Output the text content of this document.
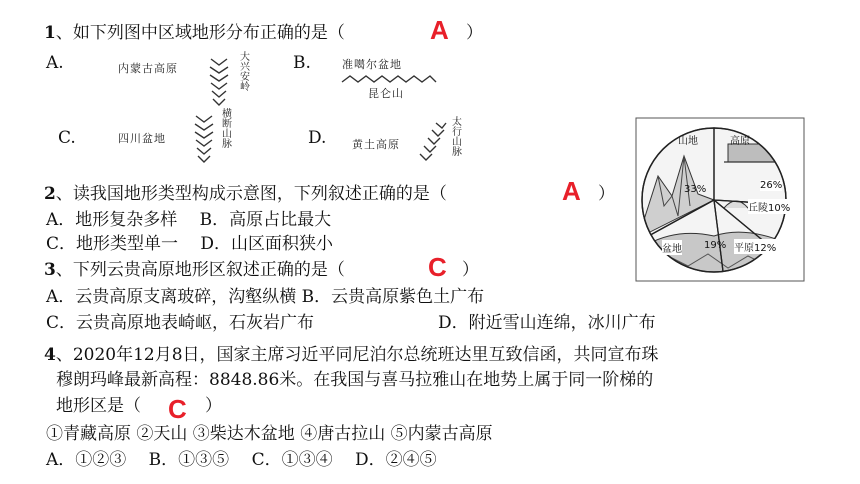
1、如下列图中区域地形分布正确的是（	A ）
A.	内蒙古高原
大兴安岭
B.	准噶尔盆地
昆仑山
C.	四川盆地
横断山脉	D. 黄土高原
太行山脉
2、读我国地形类型构成示意图，下列叙述正确的是（	A ）
A．地形复杂多样　 B．高原占比最大
C．地形类型单一　 D．山区面积狭小
3、下列云贵高原地形区叙述正确的是（	C ）
A．云贵高原支离玻碎，沟壑纵横 B．云贵高原紫色土广布
C．云贵高原地表崎岖，石灰岩广布	D．附近雪山连绵，冰川广布
4、2020年12月8日，国家主席习近平同尼泊尔总统班达里互致信函，共同宣布珠
穆朗玛峰最新高程：8848.86米。在我国与喜马拉雅山在地势上属于同一阶梯的
地形区是（ C ）
①青藏高原 ②天山 ③柴达木盆地 ④唐古拉山 ⑤内蒙古高原
A．①②③　 B．①③⑤　 C．①③④　 D．②④⑤
山地	高原
33%	26%
丘陵10%
平原12%
盆地 19%
